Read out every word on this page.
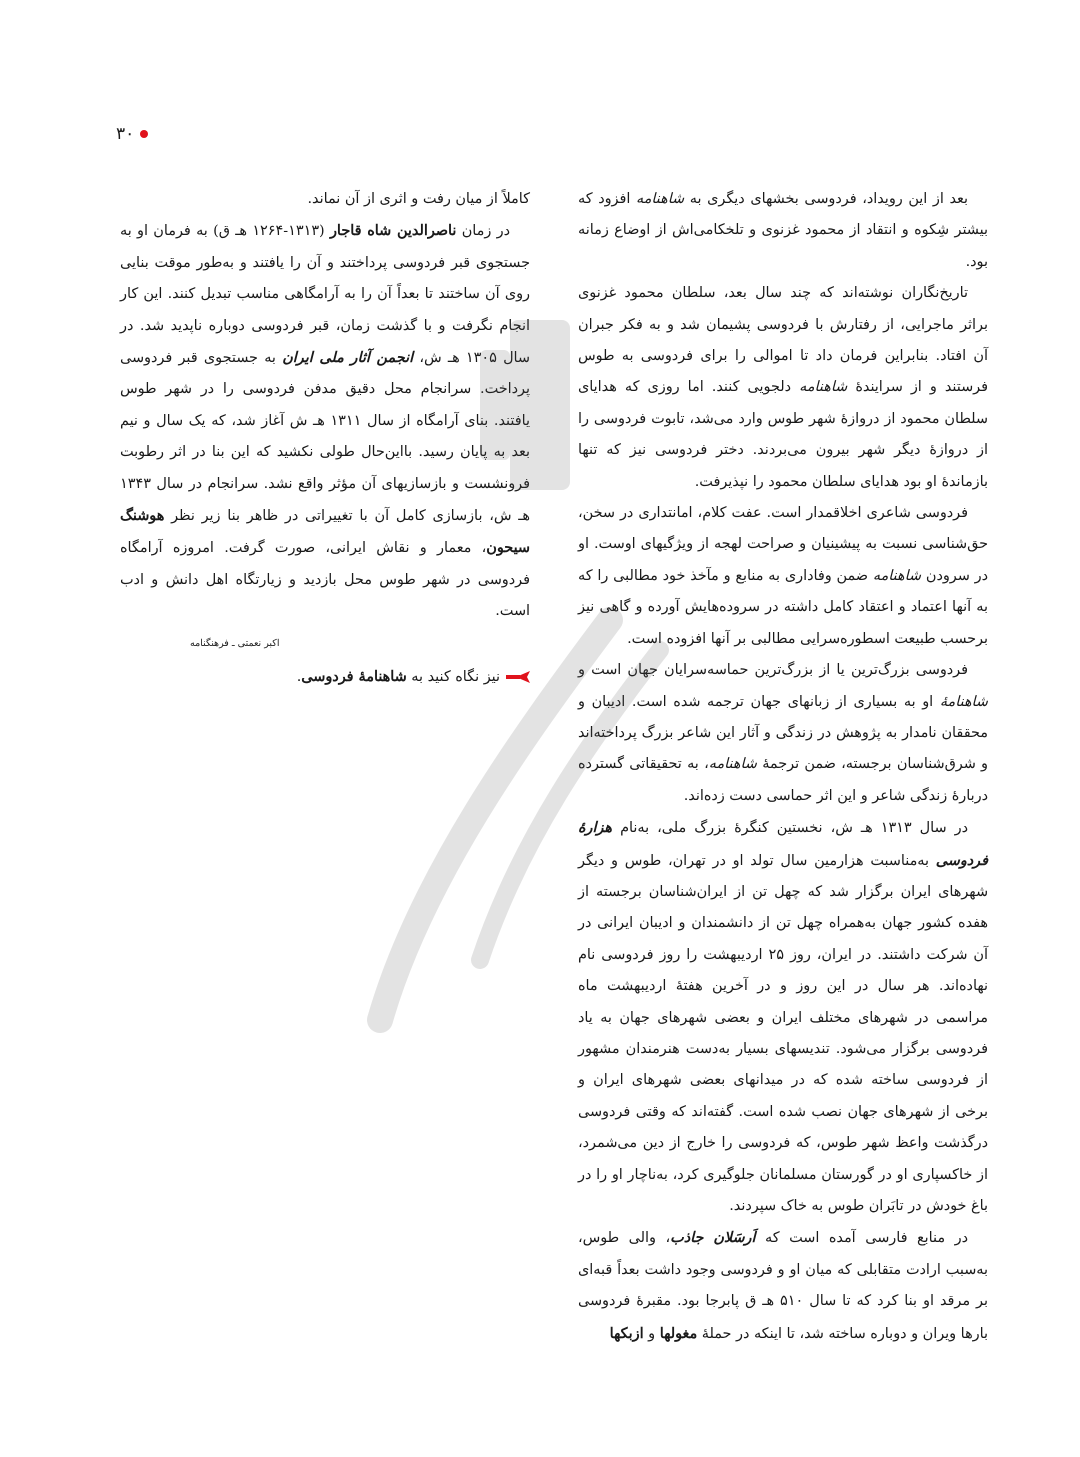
۳۰

بعد از این رویداد، فردوسی بخشهای دیگری به شاهنامه افزود که بیشتر شِکوه و انتقاد از محمود غزنوی و تلخکامی‌اش از اوضاع زمانه بود.

تاریخ‌نگاران نوشته‌اند که چند سال بعد، سلطان محمود غزنوی براثر ماجرایی، از رفتارش با فردوسی پشیمان شد و به فکر جبران آن افتاد. بنابراین فرمان داد تا اموالی را برای فردوسی به طوس فرستند و از سرایندهٔ شاهنامه دلجویی کنند. اما روزی که هدایای سلطان محمود از دروازهٔ شهر طوس وارد می‌شد، تابوت فردوسی را از دروازهٔ دیگر شهر بیرون می‌بردند. دختر فردوسی نیز که تنها بازماندهٔ او بود هدایای سلطان محمود را نپذیرفت.

فردوسی شاعری اخلاقمدار است. عفت کلام، امانتداری در سخن، حق‌شناسی نسبت به پیشینیان و صراحت لهجه از ویژگیهای اوست. او در سرودن شاهنامه ضمن وفاداری به منابع و مآخذ خود مطالبی را که به آنها اعتماد و اعتقاد کامل داشته در سروده‌هایش آورده و گاهی نیز برحسب طبیعت اسطوره‌سرایی مطالبی بر آنها افزوده است.

فردوسی بزرگ‌ترین یا از بزرگ‌ترین حماسه‌سرایان جهان است و شاهنامهٔ او به بسیاری از زبانهای جهان ترجمه شده است. ادیبان و محققان نامدار به پژوهش در زندگی و آثار این شاعر بزرگ پرداخته‌اند و شرق‌شناسان برجسته، ضمن ترجمهٔ شاهنامه، به تحقیقاتی گسترده دربارهٔ زندگی شاعر و این اثر حماسی دست زده‌اند.

در سال ۱۳۱۳ هـ ش، نخستین کنگرهٔ بزرگ ملی، به‌نام هزارهٔ فردوسی به‌مناسبت هزارمین سال تولد او در تهران، طوس و دیگر شهرهای ایران برگزار شد که چهل تن از ایران‌شناسان برجسته از هفده کشور جهان به‌همراه چهل تن از دانشمندان و ادیبان ایرانی در آن شرکت داشتند. در ایران، روز ۲۵ اردیبهشت را روز فردوسی نام نهاده‌اند. هر سال در این روز و در آخرین هفتهٔ اردیبهشت ماه مراسمی در شهرهای مختلف ایران و بعضی شهرهای جهان به یاد فردوسی برگزار می‌شود. تندیسهای بسیار به‌دست هنرمندان مشهور از فردوسی ساخته شده که در میدانهای بعضی شهرهای ایران و برخی از شهرهای جهان نصب شده است. گفته‌اند که وقتی فردوسی درگذشت واعظ شهر طوس، که فردوسی را خارج از دین می‌شمرد، از خاکسپاری او در گورستان مسلمانان جلوگیری کرد، به‌ناچار او را در باغ خودش در تابَران طوس به خاک سپردند.

در منابع فارسی آمده است که اَرسَلان جاذب، والی طوس، به‌سبب ارادت متقابلی که میان او و فردوسی وجود داشت بعداً قبه‌ای بر مرقد او بنا کرد که تا سال ۵۱۰ هـ ق پابرجا بود. مقبرهٔ فردوسی بارها ویران و دوباره ساخته شد، تا اینکه در حملهٔ مغولها و ازبکها

کاملاً از میان رفت و اثری از آن نماند.

در زمان ناصرالدین شاه قاجار (۱۳۱۳-۱۲۶۴ هـ ق) به فرمان او به جستجوی قبر فردوسی پرداختند و آن را یافتند و به‌طور موقت بنایی روی آن ساختند تا بعداً آن را به آرامگاهی مناسب تبدیل کنند. این کار انجام نگرفت و با گذشت زمان، قبر فردوسی دوباره ناپدید شد. در سال ۱۳۰۵ هـ ش، انجمن آثار ملی ایران به جستجوی قبر فردوسی پرداخت. سرانجام محل دقیق مدفن فردوسی را در شهر طوس یافتند. بنای آرامگاه از سال ۱۳۱۱ هـ ش آغاز شد، که یک سال و نیم بعد به پایان رسید. بااین‌حال طولی نکشید که این بنا در اثر رطوبت فرونشست و بازسازیهای آن مؤثر واقع نشد. سرانجام در سال ۱۳۴۳ هـ ش، بازسازی کامل آن با تغییراتی در ظاهر بنا زیر نظر هوشنگ سیحون، معمار و نقاش ایرانی، صورت گرفت. امروزه آرامگاه فردوسی در شهر طوس محل بازدید و زیارتگاه اهل دانش و ادب است.

اکبر نعمتی ـ فرهنگنامه
نیز نگاه کنید به شاهنامهٔ فردوسی.
